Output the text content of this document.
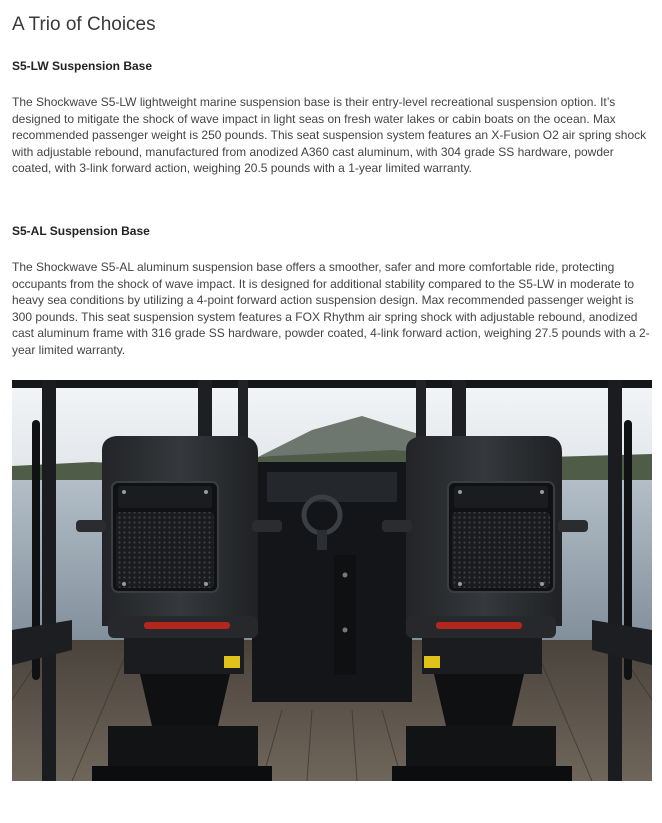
A Trio of Choices
S5-LW Suspension Base

The Shockwave S5-LW lightweight marine suspension base is their entry-level recreational suspension option. It’s designed to mitigate the shock of wave impact in light seas on fresh water lakes or cabin boats on the ocean. Max recommended passenger weight is 250 pounds. This seat suspension system features an X-Fusion O2 air spring shock with adjustable rebound, manufactured from anodized A360 cast aluminum, with 304 grade SS hardware, powder coated, with 3-link forward action, weighing 20.5 pounds with a 1-year limited warranty.

S5-AL Suspension Base

The Shockwave S5-AL aluminum suspension base offers a smoother, safer and more comfortable ride, protecting occupants from the shock of wave impact. It is designed for additional stability compared to the S5-LW in moderate to heavy sea conditions by utilizing a 4-point forward action suspension design. Max recommended passenger weight is 300 pounds. This seat suspension system features a FOX Rhythm air spring shock with adjustable rebound, anodized cast aluminum frame with 316 grade SS hardware, powder coated, 4-link forward action, weighing 27.5 pounds with a 2-year limited warranty.
